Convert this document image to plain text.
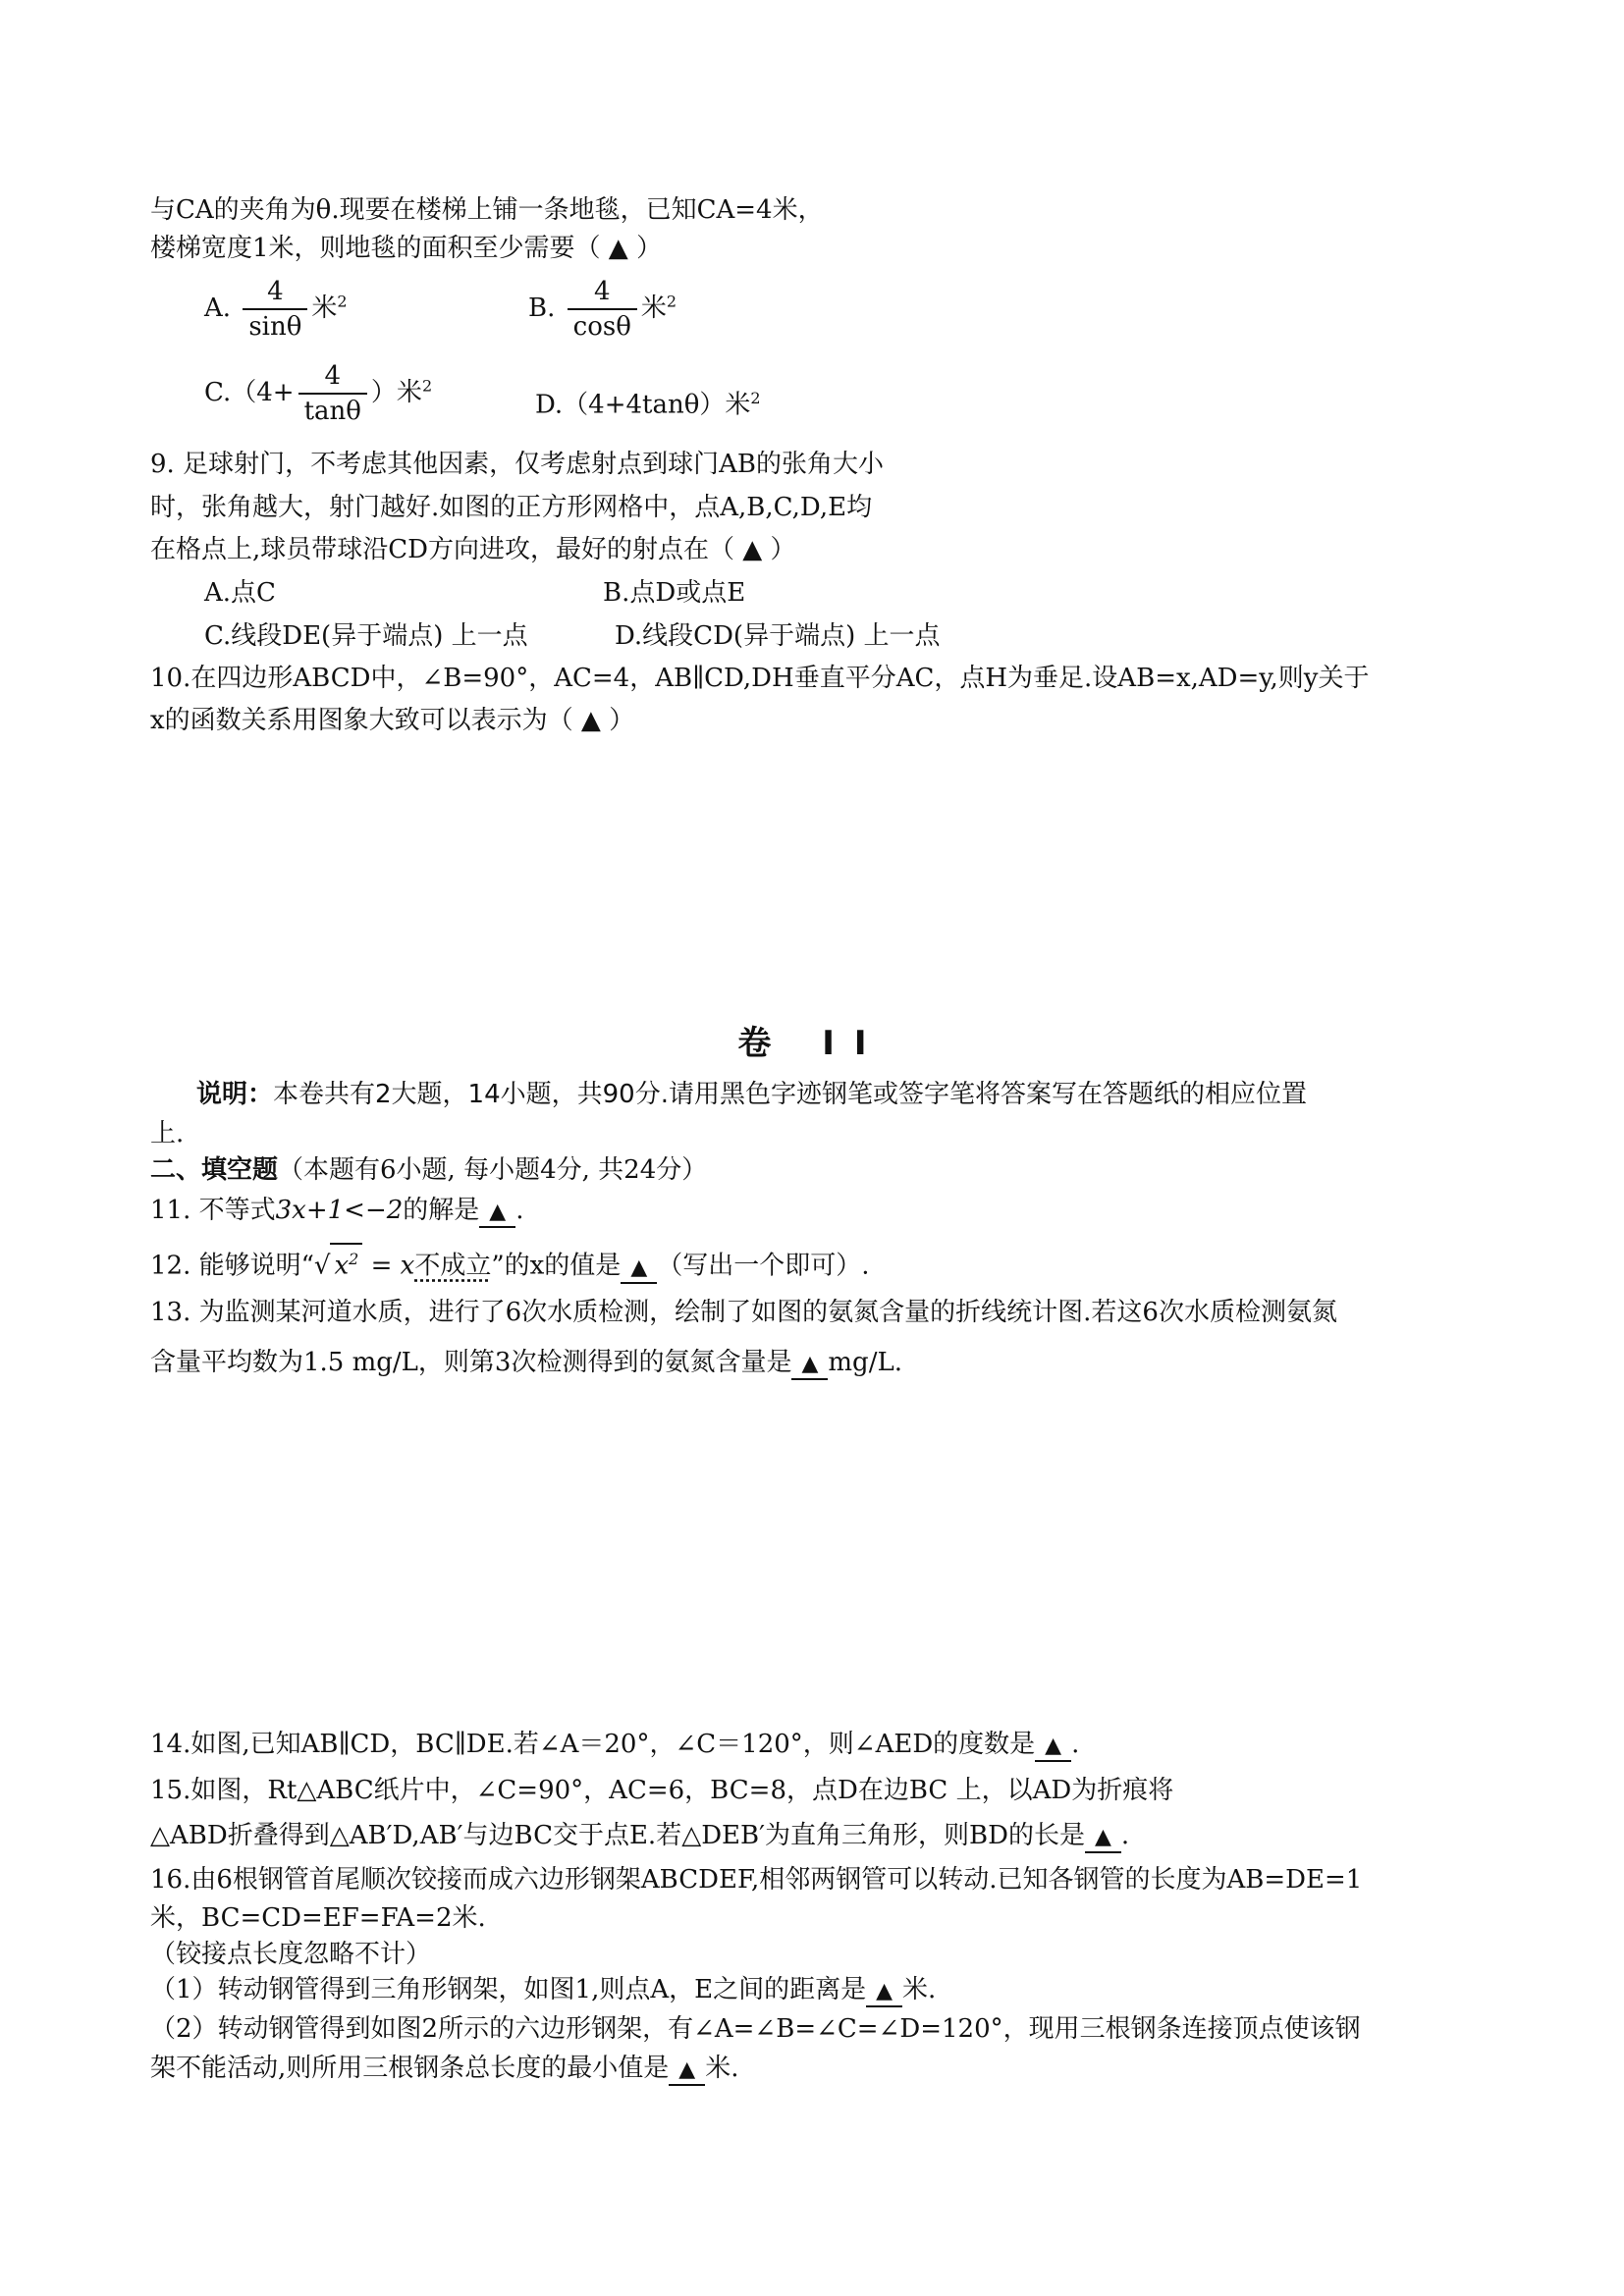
与CA的夹角为θ.现要在楼梯上铺一条地毯，已知CA=4米，
楼梯宽度1米，则地毯的面积至少需要（ ▲ ）
A. $\frac{4}{\sin\theta}$ 米$^2$	B. $\frac{4}{\cos\theta}$ 米$^2$
$C.(4+ \frac{4}{\tan\theta}$ ）米$^2$
D.（4+4tanθ）米$^2$
9. 足球射门，不考虑其他因素，仅考虑射点到球门AB的张角大小
时，张角越大，射门越好.如图的正方形网格中，点A,B,C,D,E均
在格点上,球员带球沿CD方向进攻，最好的射点在（ ▲ ）
A.点C	B.点D或点E
C.线段DE(异于端点) 上一点	D.线段CD(异于端点) 上一点
10.在四边形ABCD中，∠B=90°，AC=4，AB∥CD,DH垂直平分AC，点H为垂足.设AB=x,AD=y,则y关于
x的函数关系用图象大致可以表示为（ ▲ ）
卷 II
说明：本卷共有2大题，14小题，共90分.请用黑色字迹钢笔或签字笔将答案写在答题纸的相应位置
上.
二、填空题（本题有6小题, 每小题4分, 共24分）
11. 不等式3x+1<−2的解是 ▲ .
12. 能够说明“√ $x^2 = x$不成立”的x的值是 ▲ （写出一个即可）.
13. 为监测某河道水质，进行了6次水质检测，绘制了如图的氨氮含量的折线统计图.若这6次水质检测氨氮
含量平均数为1.5 mg/L，则第3次检测得到的氨氮含量是 ▲ mg/L.
14.如图,已知AB∥CD，BC∥DE.若∠A＝20°，∠C＝120°，则∠AED的度数是 ▲ .
15.如图，Rt△ABC纸片中，∠C=90°，AC=6，BC=8，点D在边BC 上，以AD为折痕将
△ABD折叠得到△AB′D,AB′与边BC交于点E.若△DEB′为直角三角形，则BD的长是 ▲ .
16.由6根钢管首尾顺次铰接而成六边形钢架ABCDEF,相邻两钢管可以转动.已知各钢管的长度为AB=DE=1
米，BC=CD=EF=FA=2米.
（铰接点长度忽略不计）
（1）转动钢管得到三角形钢架，如图1,则点A，E之间的距离是 ▲ 米.
（2）转动钢管得到如图2所示的六边形钢架，有∠A=∠B=∠C=∠D=120°，现用三根钢条连接顶点使该钢
架不能活动,则所用三根钢条总长度的最小值是 ▲ 米.
